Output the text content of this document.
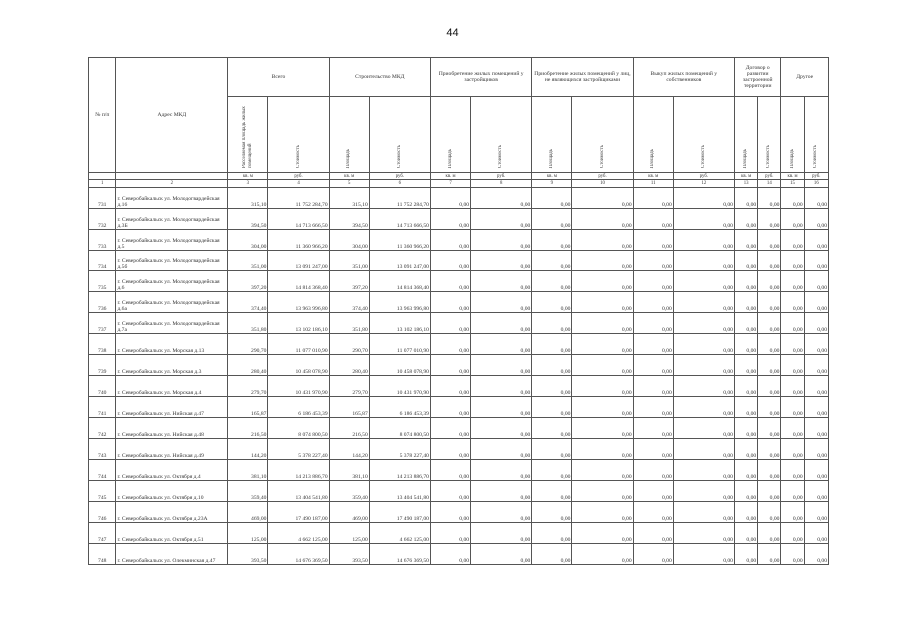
44
№ п/п	Адрес МКД	Всего		Строительство МКД		Приобретение жилых помещений у застройщиков		Приобретение жилых помещений у лиц, не являющихся застройщиками		Выкуп жилых помещений у собственников		Договор о развитии застроенной территории		Другое	

		Расселяемая площадь жилых помещений	Стоимость	Площадь	Стоимость	Площадь	Стоимость	Площадь	Стоимость	Площадь	Стоимость	Площадь	Стоимость	Площадь	Стоимость

		кв. м	руб.	кв. м	руб.	кв. м	руб.	кв. м	руб.	кв. м	руб.	кв. м	руб.	кв. м	руб.
1	2	3	4	5	6	7	8	9	10	11	12	13	14	15	16
731	г. Северобайкальск ул. Молодогвардейская д.16	315,10	11 752 284,70	315,10	11 752 284,70	0,00	0,00	0,00	0,00	0,00	0,00	0,00	0,00	0,00	0,00
732	г. Северобайкальск ул. Молодогвардейская д.3Б	394,50	14 713 666,50	394,50	14 713 666,50	0,00	0,00	0,00	0,00	0,00	0,00	0,00	0,00	0,00	0,00
733	г. Северобайкальск ул. Молодогвардейская д.5	304,00	11 360 966,20	304,00	11 360 966,20	0,00	0,00	0,00	0,00	0,00	0,00	0,00	0,00	0,00	0,00
734	г. Северобайкальск ул. Молодогвардейская д.5б	351,00	13 091 247,00	351,00	13 091 247,00	0,00	0,00	0,00	0,00	0,00	0,00	0,00	0,00	0,00	0,00
735	г. Северобайкальск ул. Молодогвардейская д.6	397,20	14 814 368,40	397,20	14 814 368,40	0,00	0,00	0,00	0,00	0,00	0,00	0,00	0,00	0,00	0,00
736	г. Северобайкальск ул. Молодогвардейская д.6а	374,40	13 963 996,80	374,40	13 963 996,80	0,00	0,00	0,00	0,00	0,00	0,00	0,00	0,00	0,00	0,00
737	г. Северобайкальск ул. Молодогвардейская д.7а	351,80	13 102 186,10	351,80	13 102 186,10	0,00	0,00	0,00	0,00	0,00	0,00	0,00	0,00	0,00	0,00
738	г. Северобайкальск ул. Морская д.13	290,70	11 077 010,90	290,70	11 077 010,90	0,00	0,00	0,00	0,00	0,00	0,00	0,00	0,00	0,00	0,00
739	г. Северобайкальск ул. Морская д.3	280,40	10 458 078,90	280,40	10 458 078,90	0,00	0,00	0,00	0,00	0,00	0,00	0,00	0,00	0,00	0,00
740	г. Северобайкальск ул. Морская д.4	279,70	10 431 970,90	279,70	10 431 970,90	0,00	0,00	0,00	0,00	0,00	0,00	0,00	0,00	0,00	0,00
741	г. Северобайкальск ул. Нийская д.47	165,87	6 186 453,39	165,87	6 186 453,39	0,00	0,00	0,00	0,00	0,00	0,00	0,00	0,00	0,00	0,00
742	г. Северобайкальск ул. Нийская д.48	216,50	8 074 800,50	216,50	8 074 800,50	0,00	0,00	0,00	0,00	0,00	0,00	0,00	0,00	0,00	0,00
743	г. Северобайкальск ул. Нийская д.49	144,20	5 378 227,40	144,20	5 378 227,40	0,00	0,00	0,00	0,00	0,00	0,00	0,00	0,00	0,00	0,00
744	г. Северобайкальск ул. Октября д.4	381,10	14 213 886,70	381,10	14 213 886,70	0,00	0,00	0,00	0,00	0,00	0,00	0,00	0,00	0,00	0,00
745	г. Северобайкальск ул. Октября д.10	359,40	13 404 541,80	359,40	13 404 541,80	0,00	0,00	0,00	0,00	0,00	0,00	0,00	0,00	0,00	0,00
746	г. Северобайкальск ул. Октября д.23А	469,00	17 490 187,00	469,00	17 490 187,00	0,00	0,00	0,00	0,00	0,00	0,00	0,00	0,00	0,00	0,00
747	г. Северобайкальск ул. Октября д.51	125,00	4 662 125,00	125,00	4 662 125,00	0,00	0,00	0,00	0,00	0,00	0,00	0,00	0,00	0,00	0,00
748	г. Северобайкальск ул. Олекминская д.47	393,50	14 676 369,50	393,50	14 676 369,50	0,00	0,00	0,00	0,00	0,00	0,00	0,00	0,00	0,00	0,00
